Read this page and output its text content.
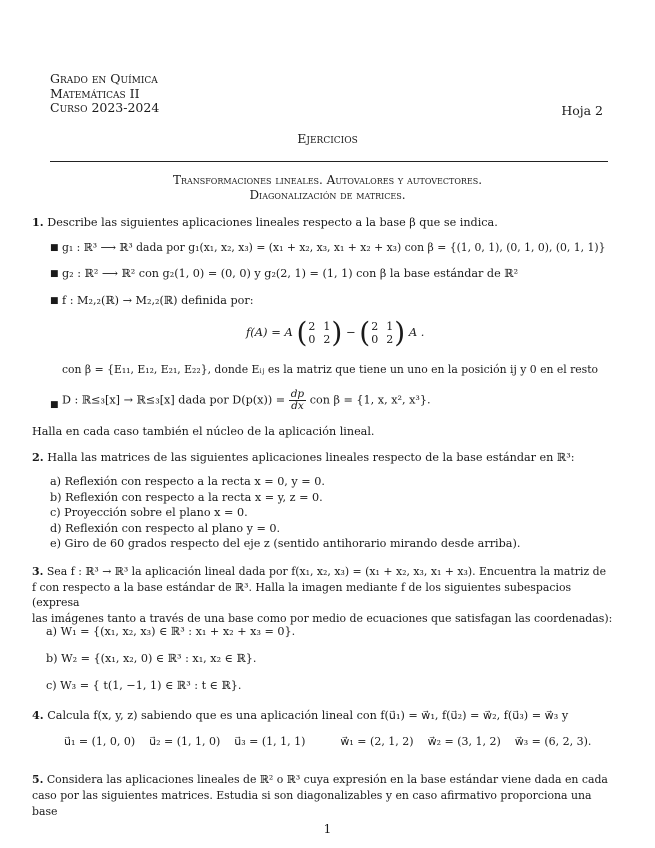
Grado en Química
Matemáticas II
Curso 2023-2024	Hoja 2
Ejercicios
Transformaciones lineales. Autovalores y autovectores.
Diagonalización de matrices.
1. Describe las siguientes aplicaciones lineales respecto a la base β que se indica.
■ g₁ : ℝ³ ⟶ ℝ³ dada por g₁(x₁, x₂, x₃) = (x₁ + x₂, x₃, x₁ + x₂ + x₃) con β = {(1, 0, 1), (0, 1, 0), (0, 1, 1)}
■ g₂ : ℝ² ⟶ ℝ² con g₂(1, 0) = (0, 0) y g₂(2, 1) = (1, 1) con β la base estándar de ℝ²
■ f : M₂,₂(ℝ) → M₂,₂(ℝ) definida por:
f(A) = A ( 2 1
0 2 ) − ( 2 1
0 2 ) A .
con β = {E₁₁, E₁₂, E₂₁, E₂₂}, donde Eᵢⱼ es la matriz que tiene un uno en la posición ij y 0 en el resto
■ D : ℝ≤₃[x] → ℝ≤₃[x] dada por $D(p(x)) = \frac{dp}{dx}$ con β = {1, x, x², x³}.
Halla en cada caso también el núcleo de la aplicación lineal.
2. Halla las matrices de las siguientes aplicaciones lineales respecto de la base estándar en ℝ³:

a) Reflexión con respecto a la recta x = 0, y = 0.

b) Reflexión con respecto a la recta x = y, z = 0.

c) Proyección sobre el plano x = 0.

d) Reflexión con respecto al plano y = 0.

e) Giro de 60 grados respecto del eje z (sentido antihorario mirando desde arriba).

3. Sea f : ℝ³ → ℝ³ la aplicación lineal dada por f(x₁, x₂, x₃) = (x₁ + x₂, x₃, x₁ + x₃). Encuentra la matriz de

f con respecto a la base estándar de ℝ³. Halla la imagen mediante f de los siguientes subespacios (expresa

las imágenes tanto a través de una base como por medio de ecuaciones que satisfagan las coordenadas):

a) W₁ = {(x₁, x₂, x₃) ∈ ℝ³ : x₁ + x₂ + x₃ = 0}.

b) W₂ = {(x₁, x₂, 0) ∈ ℝ³ : x₁, x₂ ∈ ℝ}.

c) W₃ = { t(1, −1, 1) ∈ ℝ³ : t ∈ ℝ}.

4. Calcula f(x, y, z) sabiendo que es una aplicación lineal con f(u⃗₁) = w⃗₁, f(u⃗₂) = w⃗₂, f(u⃗₃) = w⃗₃ y
u⃗₁ = (1, 0, 0)    u⃗₂ = (1, 1, 0)    u⃗₃ = (1, 1, 1)          w⃗₁ = (2, 1, 2)    w⃗₂ = (3, 1, 2)    w⃗₃ = (6, 2, 3).

5. Considera las aplicaciones lineales de ℝ² o ℝ³ cuya expresión en la base estándar viene dada en cada

caso por las siguientes matrices. Estudia si son diagonalizables y en caso afirmativo proporciona una base

1
